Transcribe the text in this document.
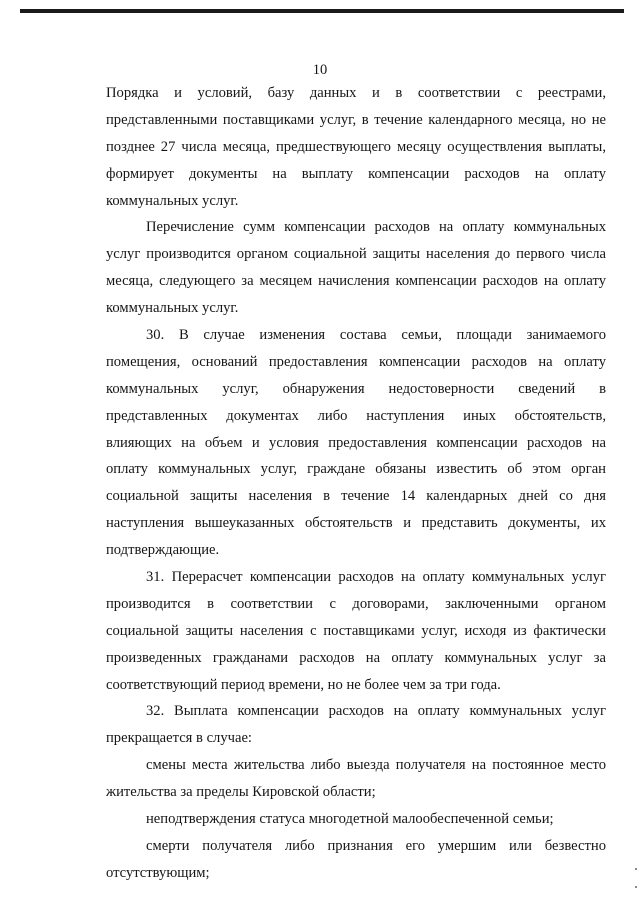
10
Порядка и условий, базу данных и в соответствии с реестрами,
представленными поставщиками услуг, в течение календарного месяца, но не
позднее 27 числа месяца, предшествующего месяцу осуществления выплаты,
формирует документы на выплату компенсации расходов на оплату
коммунальных услуг.
Перечисление сумм компенсации расходов на оплату коммунальных
услуг производится органом социальной защиты населения до первого числа
месяца, следующего за месяцем начисления компенсации расходов на оплату
коммунальных услуг.
30. В случае изменения состава семьи, площади занимаемого
помещения, оснований предоставления компенсации расходов на оплату
коммунальных услуг, обнаружения недостоверности сведений в
представленных документах либо наступления иных обстоятельств,
влияющих на объем и условия предоставления компенсации расходов на
оплату коммунальных услуг, граждане обязаны известить об этом орган
социальной защиты населения в течение 14 календарных дней со дня
наступления вышеуказанных обстоятельств и представить документы, их
подтверждающие.
31. Перерасчет компенсации расходов на оплату коммунальных услуг
производится в соответствии с договорами, заключенными органом
социальной защиты населения с поставщиками услуг, исходя из фактически
произведенных гражданами расходов на оплату коммунальных услуг за
соответствующий период времени, но не более чем за три года.
32. Выплата компенсации расходов на оплату коммунальных услуг
прекращается в случае:
смены места жительства либо выезда получателя на постоянное место
жительства за пределы Кировской области;
неподтверждения статуса многодетной малообеспеченной семьи;
смерти получателя либо признания его умершим или безвестно
отсутствующим;
